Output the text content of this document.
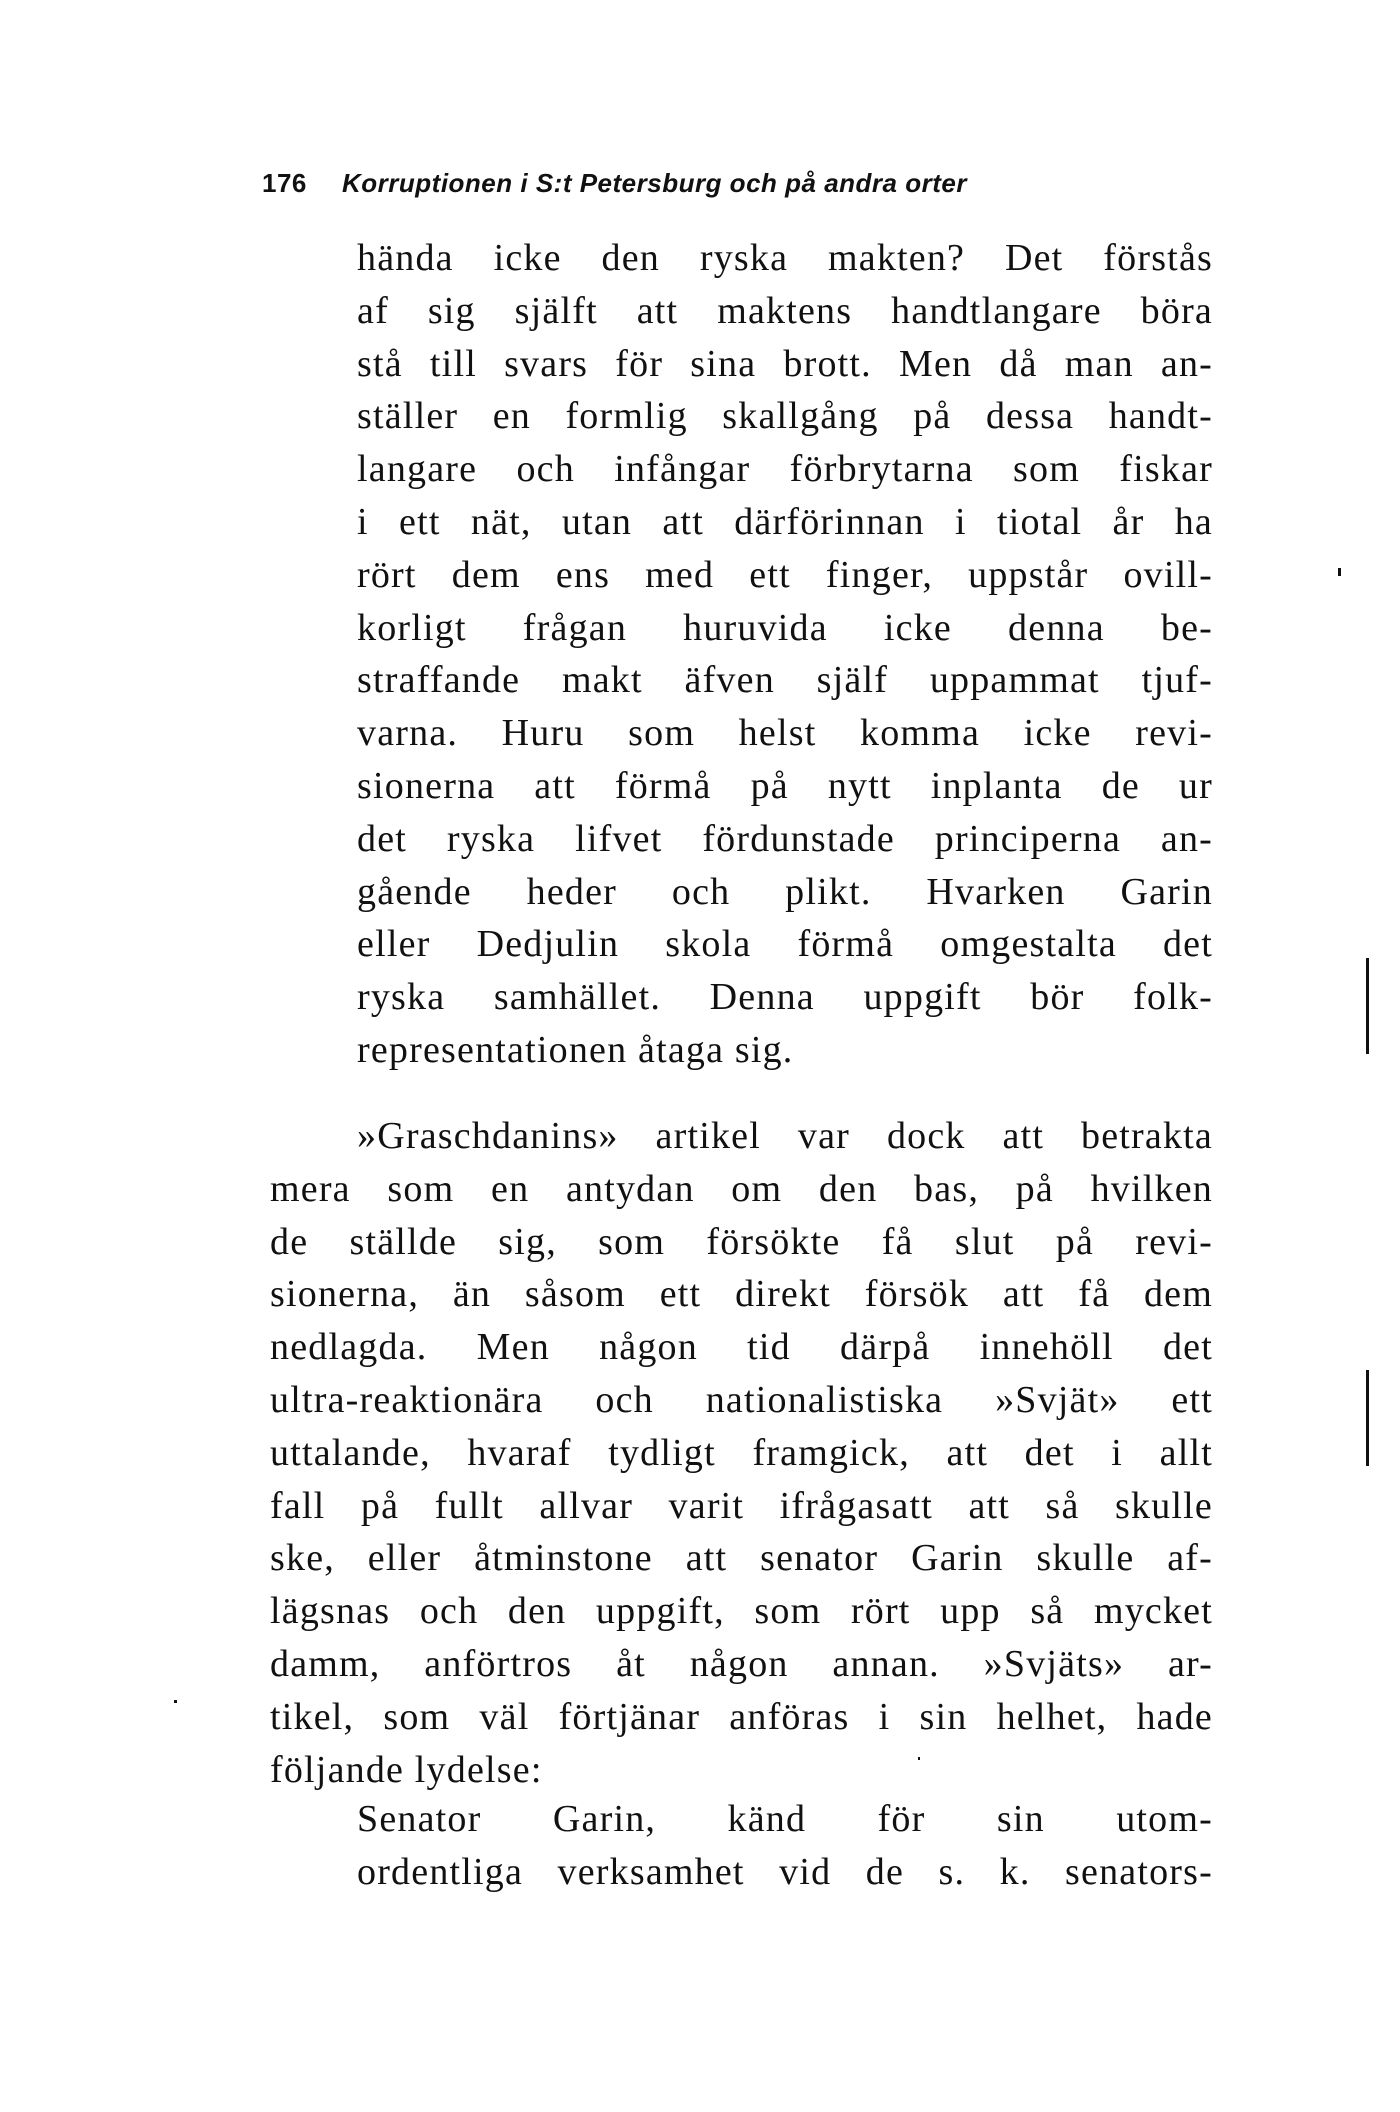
176 Korruptionen i S:t Petersburg och på andra orter
hända icke den ryska makten? Det förstås
af sig själft att maktens handtlangare böra
stå till svars för sina brott. Men då man an-
ställer en formlig skallgång på dessa handt-
langare och infångar förbrytarna som fiskar
i ett nät, utan att därförinnan i tiotal år ha
rört dem ens med ett finger, uppstår ovill-
korligt frågan huruvida icke denna be-
straffande makt äfven själf uppammat tjuf-
varna. Huru som helst komma icke revi-
sionerna att förmå på nytt inplanta de ur
det ryska lifvet fördunstade principerna an-
gående heder och plikt. Hvarken Garin
eller Dedjulin skola förmå omgestalta det
ryska samhället. Denna uppgift bör folk-
representationen åtaga sig.
»Graschdanins» artikel var dock att betrakta
mera som en antydan om den bas, på hvilken
de ställde sig, som försökte få slut på revi-
sionerna, än såsom ett direkt försök att få dem
nedlagda. Men någon tid därpå innehöll det
ultra-reaktionära och nationalistiska »Svjät» ett
uttalande, hvaraf tydligt framgick, att det i allt
fall på fullt allvar varit ifrågasatt att så skulle
ske, eller åtminstone att senator Garin skulle af-
lägsnas och den uppgift, som rört upp så mycket
damm, anförtros åt någon annan. »Svjäts» ar-
tikel, som väl förtjänar anföras i sin helhet, hade
följande lydelse:
Senator Garin, känd för sin utom-
ordentliga verksamhet vid de s. k. senators-
